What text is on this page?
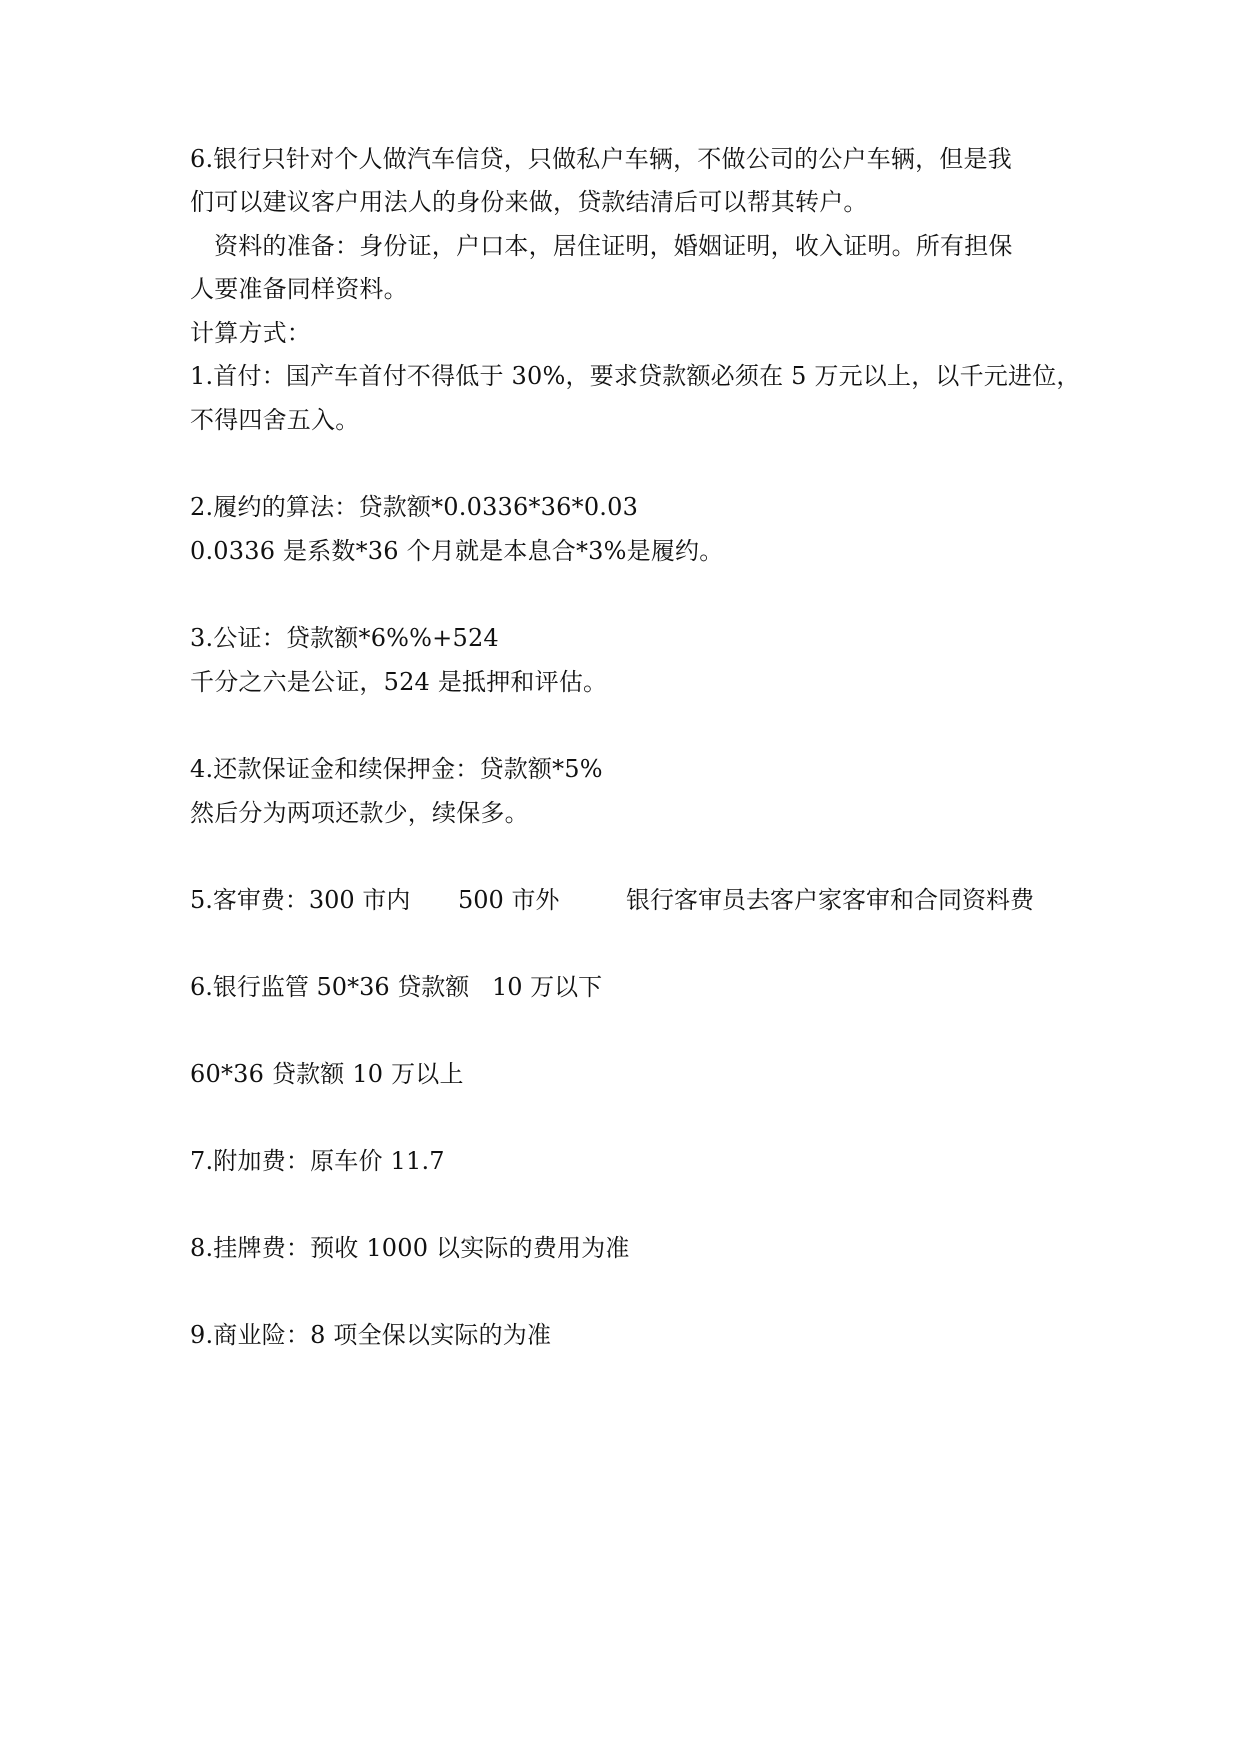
6.银行只针对个人做汽车信贷，只做私户车辆，不做公司的公户车辆，但是我
们可以建议客户用法人的身份来做，贷款结清后可以帮其转户。
资料的准备：身份证，户口本，居住证明，婚姻证明，收入证明。所有担保
人要准备同样资料。
计算方式：
1.首付：国产车首付不得低于 30%，要求贷款额必须在 5 万元以上，以千元进位，
不得四舍五入。
2.履约的算法：贷款额*0.0336*36*0.03
0.0336 是系数*36 个月就是本息合*3%是履约。
3.公证：贷款额*6%%+524
千分之六是公证，524 是抵押和评估。
4.还款保证金和续保押金：贷款额*5%
然后分为两项还款少，续保多。
5.客审费：300 市内 500 市外	银行客审员去客户家客审和合同资料费
6.银行监管 50*36 贷款额 10 万以下
60*36 贷款额 10 万以上
7.附加费：原车价 11.7
8.挂牌费：预收 1000 以实际的费用为准
9.商业险：8 项全保以实际的为准
